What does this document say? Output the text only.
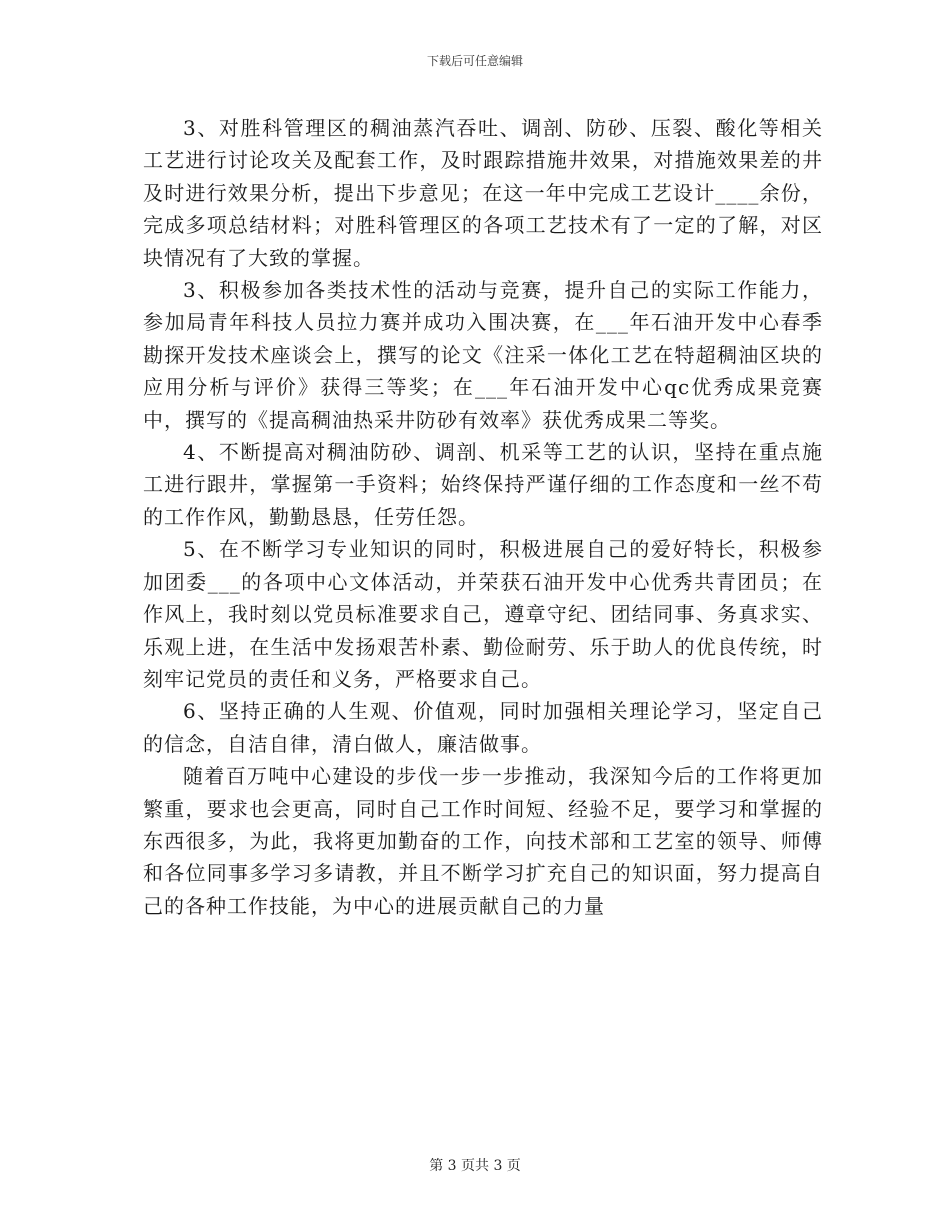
下载后可任意编辑

3、对胜科管理区的稠油蒸汽吞吐、调剖、防砂、压裂、酸化等相关工艺进行讨论攻关及配套工作，及时跟踪措施井效果，对措施效果差的井及时进行效果分析，提出下步意见；在这一年中完成工艺设计____余份，完成多项总结材料；对胜科管理区的各项工艺技术有了一定的了解，对区块情况有了大致的掌握。

3、积极参加各类技术性的活动与竞赛，提升自己的实际工作能力，参加局青年科技人员拉力赛并成功入围决赛，在___年石油开发中心春季勘探开发技术座谈会上，撰写的论文《注采一体化工艺在特超稠油区块的应用分析与评价》获得三等奖；在___年石油开发中心qc优秀成果竞赛中，撰写的《提高稠油热采井防砂有效率》获优秀成果二等奖。

4、不断提高对稠油防砂、调剖、机采等工艺的认识，坚持在重点施工进行跟井，掌握第一手资料；始终保持严谨仔细的工作态度和一丝不苟的工作作风，勤勤恳恳，任劳任怨。

5、在不断学习专业知识的同时，积极进展自己的爱好特长，积极参加团委___的各项中心文体活动，并荣获石油开发中心优秀共青团员；在作风上，我时刻以党员标准要求自己，遵章守纪、团结同事、务真求实、乐观上进，在生活中发扬艰苦朴素、勤俭耐劳、乐于助人的优良传统，时刻牢记党员的责任和义务，严格要求自己。

6、坚持正确的人生观、价值观，同时加强相关理论学习，坚定自己的信念，自洁自律，清白做人，廉洁做事。

随着百万吨中心建设的步伐一步一步推动，我深知今后的工作将更加繁重，要求也会更高，同时自己工作时间短、经验不足，要学习和掌握的东西很多，为此，我将更加勤奋的工作，向技术部和工艺室的领导、师傅和各位同事多学习多请教，并且不断学习扩充自己的知识面，努力提高自己的各种工作技能，为中心的进展贡献自己的力量

第 3 页共 3 页
